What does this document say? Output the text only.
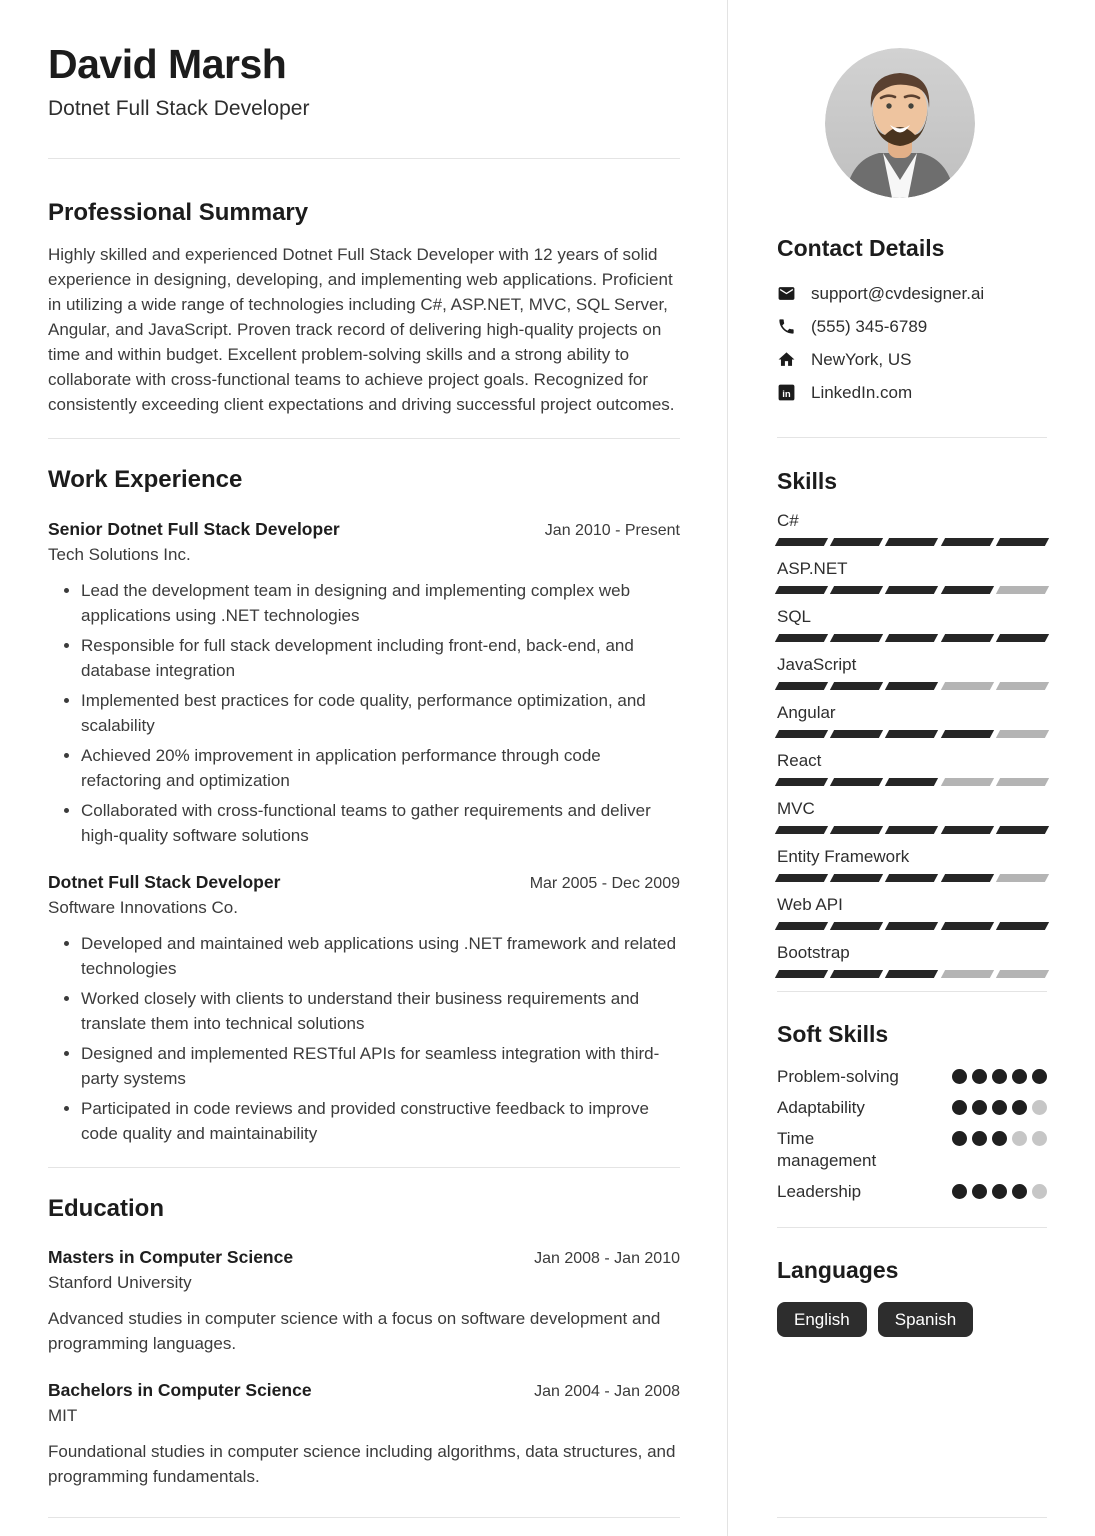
David Marsh
Dotnet Full Stack Developer
Professional Summary
Highly skilled and experienced Dotnet Full Stack Developer with 12 years of solid experience in designing, developing, and implementing web applications. Proficient in utilizing a wide range of technologies including C#, ASP.NET, MVC, SQL Server, Angular, and JavaScript. Proven track record of delivering high-quality projects on time and within budget. Excellent problem-solving skills and a strong ability to collaborate with cross-functional teams to achieve project goals. Recognized for consistently exceeding client expectations and driving successful project outcomes.
Work Experience
Senior Dotnet Full Stack Developer	Jan 2010 - Present
Tech Solutions Inc.
• Lead the development team in designing and implementing complex web applications using .NET technologies
• Responsible for full stack development including front-end, back-end, and database integration
• Implemented best practices for code quality, performance optimization, and scalability
• Achieved 20% improvement in application performance through code refactoring and optimization
• Collaborated with cross-functional teams to gather requirements and deliver high-quality software solutions
Dotnet Full Stack Developer	Mar 2005 - Dec 2009
Software Innovations Co.
• Developed and maintained web applications using .NET framework and related technologies
• Worked closely with clients to understand their business requirements and translate them into technical solutions
• Designed and implemented RESTful APIs for seamless integration with third-party systems
• Participated in code reviews and provided constructive feedback to improve code quality and maintainability
Education
Masters in Computer Science	Jan 2008 - Jan 2010
Stanford University
Advanced studies in computer science with a focus on software development and programming languages.
Bachelors in Computer Science	Jan 2004 - Jan 2008
MIT
Foundational studies in computer science including algorithms, data structures, and programming fundamentals.
Contact Details
support@cvdesigner.ai
(555) 345-6789
NewYork, US
in LinkedIn.com
Skills
C#
ASP.NET
SQL
JavaScript
Angular
React
MVC
Entity Framework
Web API
Bootstrap
Soft Skills
Problem-solving
Adaptability
Time management
Leadership
Languages
English	Spanish
